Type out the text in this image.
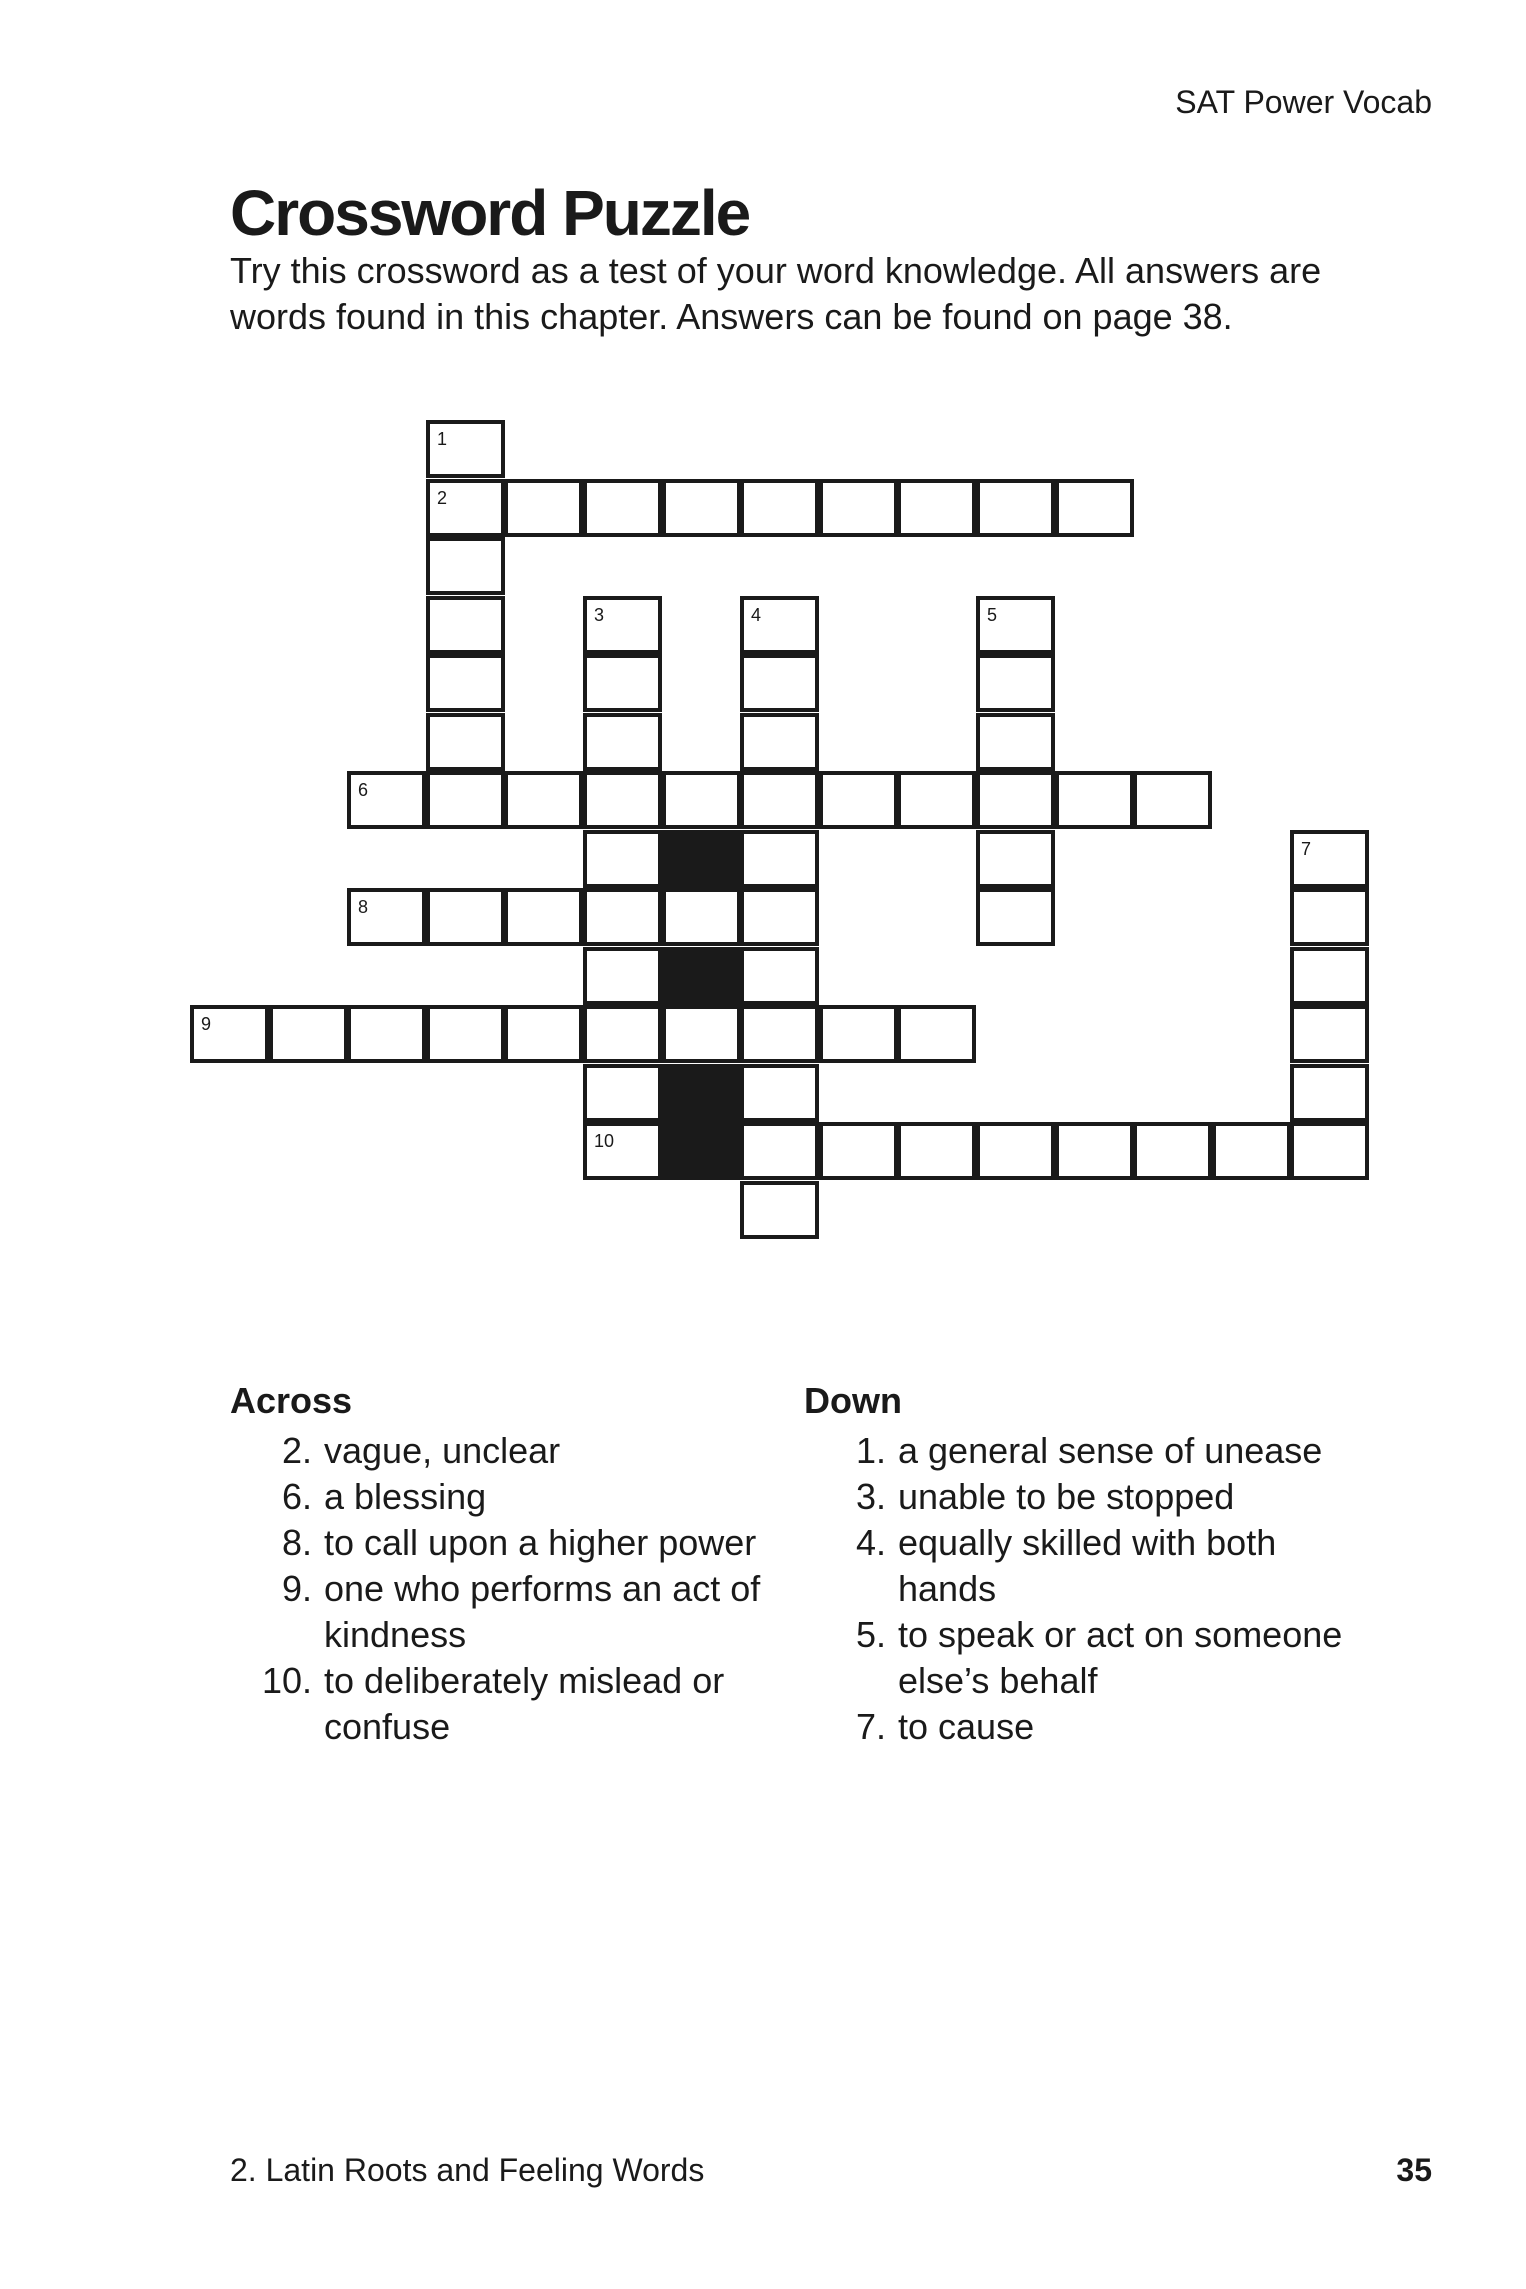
SAT Power Vocab
Crossword Puzzle

Try this crossword as a test of your word knowledge. All answers are words found in this chapter. Answers can be found on page 38.

1
2
3	4	5
6
7
8
9
10
Across
2. vague, unclear
6. a blessing
8. to call upon a higher power
9. one who performs an act of kindness
10. to deliberately mislead or confuse
Down
1. a general sense of unease
3. unable to be stopped
4. equally skilled with both hands
5. to speak or act on someone else’s behalf
7. to cause
2. Latin Roots and Feeling Words	35
